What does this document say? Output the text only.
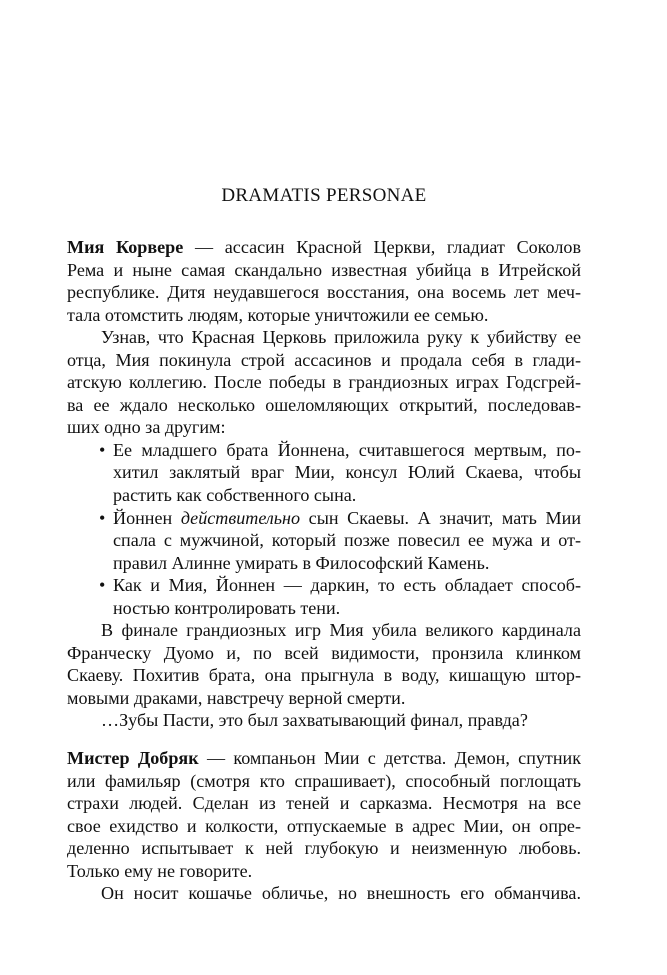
DRAMATIS PERSONAE
Мия Корвере — ассасин Красной Церкви, гладиат Соколов
Рема и ныне самая скандально известная убийца в Итрейской
республике. Дитя неудавшегося восстания, она восемь лет меч-
тала отомстить людям, которые уничтожили ее семью.
Узнав, что Красная Церковь приложила руку к убийству ее
отца, Мия покинула строй ассасинов и продала себя в глади-
атскую коллегию. После победы в грандиозных играх Годсгрей-
ва ее ждало несколько ошеломляющих открытий, последовав-
ших одно за другим:
• Ее младшего брата Йоннена, считавшегося мертвым, по-
хитил заклятый враг Мии, консул Юлий Скаева, чтобы
растить как собственного сына.
• Йоннен действительно сын Скаевы. А значит, мать Мии
спала с мужчиной, который позже повесил ее мужа и от-
правил Алинне умирать в Философский Камень.
• Как и Мия, Йоннен — даркин, то есть обладает способ-
ностью контролировать тени.
В финале грандиозных игр Мия убила великого кардинала
Франческу Дуомо и, по всей видимости, пронзила клинком
Скаеву. Похитив брата, она прыгнула в воду, кишащую штор-
мовыми драками, навстречу верной смерти.
…Зубы Пасти, это был захватывающий финал, правда?
Мистер Добряк — компаньон Мии с детства. Демон, спутник
или фамильяр (смотря кто спрашивает), способный поглощать
страхи людей. Сделан из теней и сарказма. Несмотря на все
свое ехидство и колкости, отпускаемые в адрес Мии, он опре-
деленно испытывает к ней глубокую и неизменную любовь.
Только ему не говорите.
Он носит кошачье обличье, но внешность его обманчива.
